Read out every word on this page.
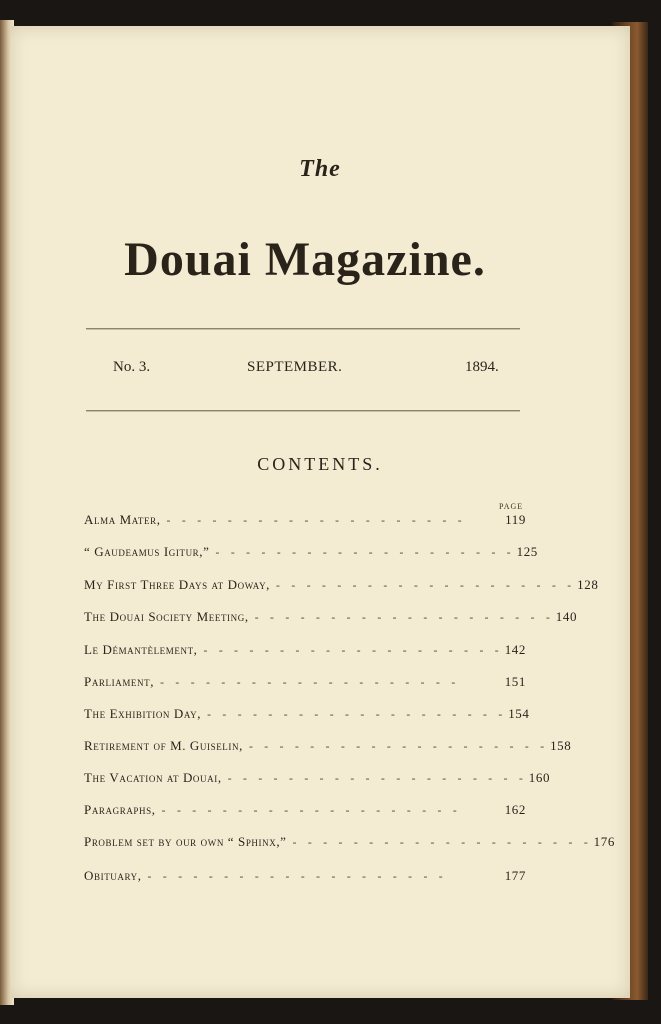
The
Douai Magazine.
No. 3.	SEPTEMBER.	1894.
CONTENTS.
PAGE
Alma Mater, -    -    -    -    -    -    -    -    -    -    -    -    -    -    -    -    -    -    -    -	119
“ Gaudeamus Igitur,” -    -    -    -    -    -    -    -    -    -    -    -    -    -    -    -    -    -    -    - 125
My First Three Days at Doway, -    -    -    -    -    -    -    -    -    -    -    -    -    -    -    -    -    -    -    - 128
The Douai Society Meeting, -    -    -    -    -    -    -    -    -    -    -    -    -    -    -    -    -    -    -    - 140
Le Démantèlement, -    -    -    -    -    -    -    -    -    -    -    -    -    -    -    -    -    -    -    - 142
Parliament, -    -    -    -    -    -    -    -    -    -    -    -    -    -    -    -    -    -    -    -	151
The Exhibition Day, -    -    -    -    -    -    -    -    -    -    -    -    -    -    -    -    -    -    -    - 154
Retirement of M. Guiselin, -    -    -    -    -    -    -    -    -    -    -    -    -    -    -    -    -    -    -    - 158
The Vacation at Douai, -    -    -    -    -    -    -    -    -    -    -    -    -    -    -    -    -    -    -    - 160
Paragraphs, -    -    -    -    -    -    -    -    -    -    -    -    -    -    -    -    -    -    -    -	162
Problem set by our own “ Sphinx,” -    -    -    -    -    -    -    -    -    -    -    -    -    -    -    -    -    -    -    - 176
Obituary, -    -    -    -    -    -    -    -    -    -    -    -    -    -    -    -    -    -    -    -	177
